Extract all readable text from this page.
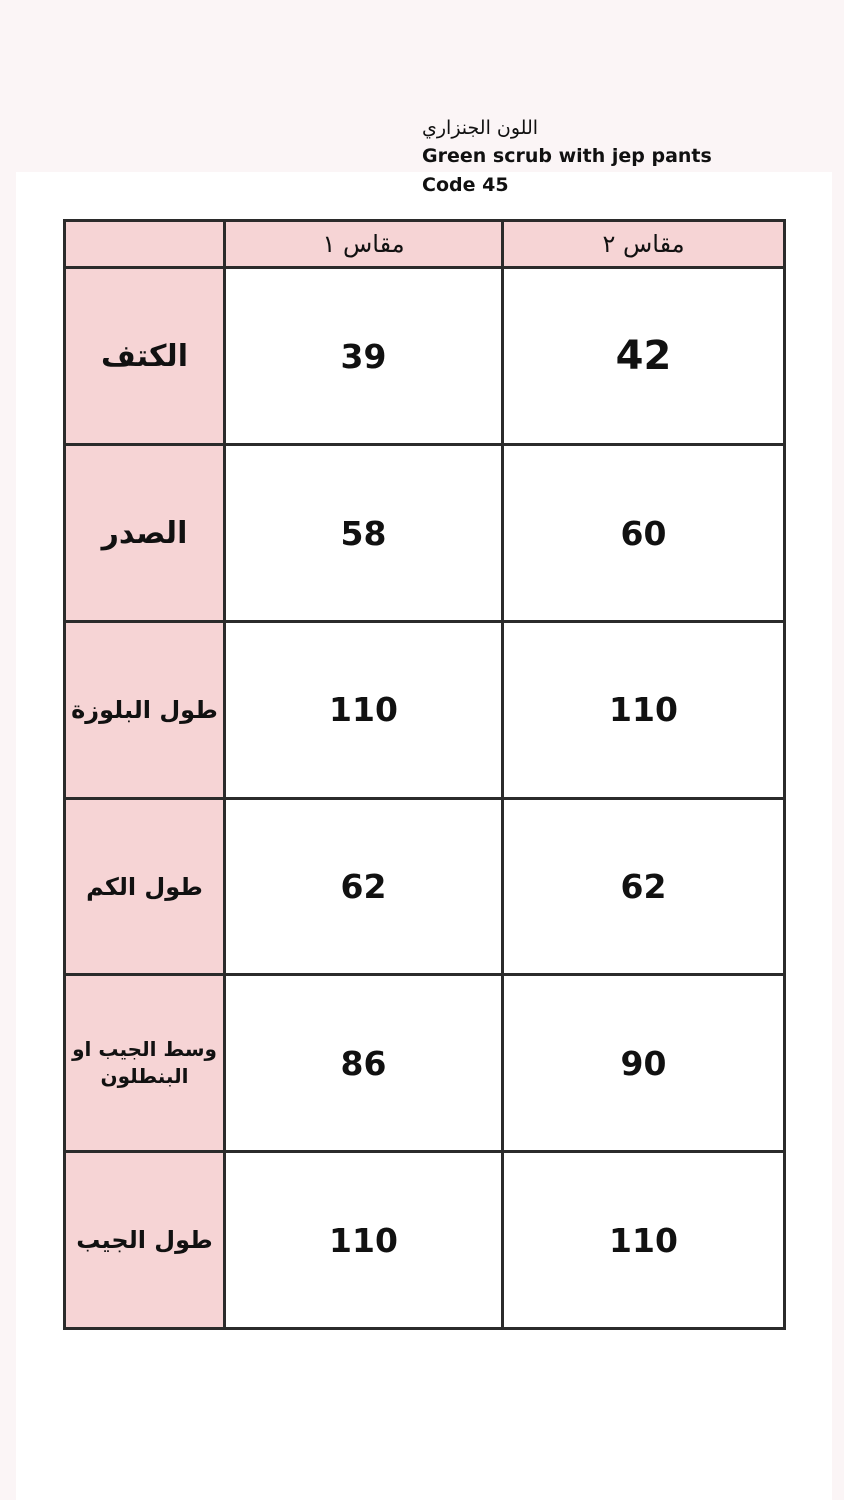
اللون الجنزاري

Green scrub with jep pants

Code 45

	مقاس ١	مقاس ٢
الكتف	39	42
الصدر	58	60
طول البلوزة	110	110
طول الكم	62	62
وسط الجيب او البنطلون	86	90
طول الجيب	110	110
